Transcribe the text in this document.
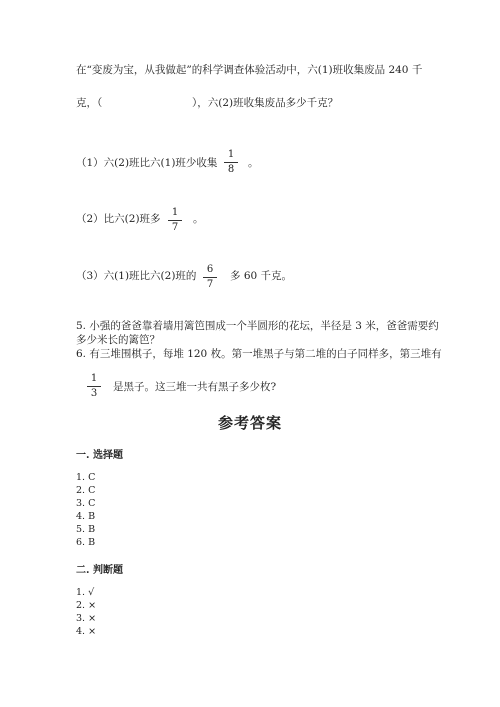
在“变废为宝，从我做起”的科学调查体验活动中，六(1)班收集废品 240 千
克，（	），六(2)班收集废品多少千克？
（1）六(2)班比六(1)班少收集
1
8
。
（2）比六(2)班多
1
7
。
（3）六(1)班比六(2)班的
6
7
多 60 千克。
5. 小强的爸爸靠着墙用篱笆围成一个半圆形的花坛，半径是 3 米，爸爸需要约
多少米长的篱笆？
6. 有三堆围棋子，每堆 120 枚。第一堆黑子与第二堆的白子同样多，第三堆有
1
3
是黑子。这三堆一共有黑子多少枚?
参考答案
一. 选择题
1. C
2. C
3. C
4. B
5. B
6. B
二. 判断题
1. √
2. ×
3. ×
4. ×
